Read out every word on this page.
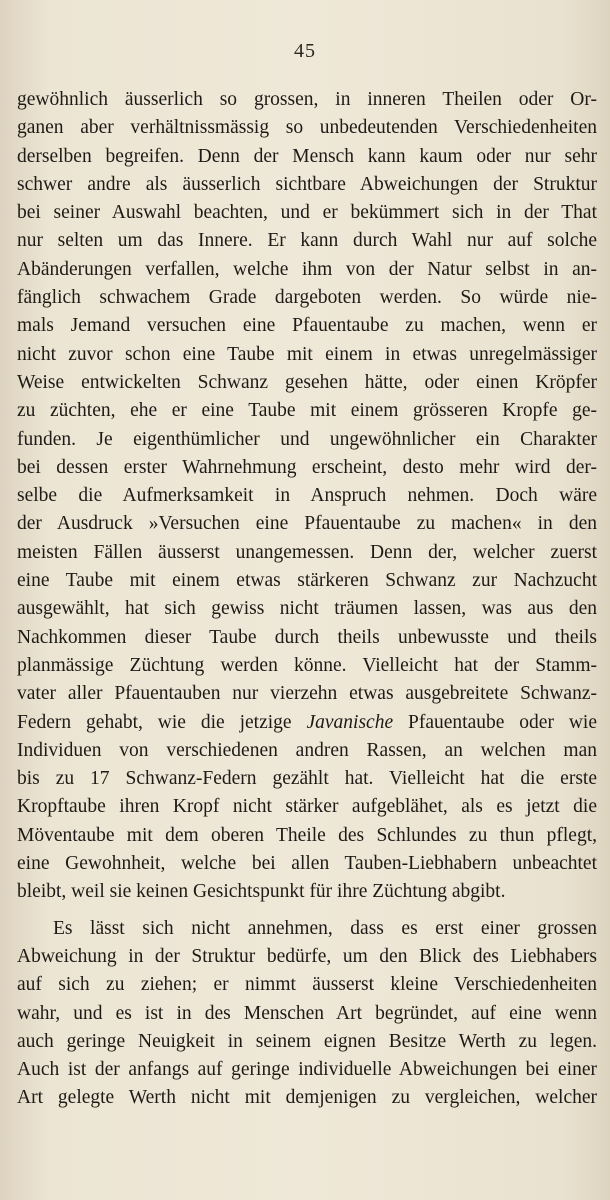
45
gewöhnlich äusserlich so grossen, in inneren Theilen oder Or-
ganen aber verhältnissmässig so unbedeutenden Verschiedenheiten
derselben begreifen. Denn der Mensch kann kaum oder nur sehr
schwer andre als äusserlich sichtbare Abweichungen der Struktur
bei seiner Auswahl beachten, und er bekümmert sich in der That
nur selten um das Innere. Er kann durch Wahl nur auf solche
Abänderungen verfallen, welche ihm von der Natur selbst in an-
fänglich schwachem Grade dargeboten werden. So würde nie-
mals Jemand versuchen eine Pfauentaube zu machen, wenn er
nicht zuvor schon eine Taube mit einem in etwas unregelmässiger
Weise entwickelten Schwanz gesehen hätte, oder einen Kröpfer
zu züchten, ehe er eine Taube mit einem grösseren Kropfe ge-
funden. Je eigenthümlicher und ungewöhnlicher ein Charakter
bei dessen erster Wahrnehmung erscheint, desto mehr wird der-
selbe die Aufmerksamkeit in Anspruch nehmen. Doch wäre
der Ausdruck »Versuchen eine Pfauentaube zu machen« in den
meisten Fällen äusserst unangemessen. Denn der, welcher zuerst
eine Taube mit einem etwas stärkeren Schwanz zur Nachzucht
ausgewählt, hat sich gewiss nicht träumen lassen, was aus den
Nachkommen dieser Taube durch theils unbewusste und theils
planmässige Züchtung werden könne. Vielleicht hat der Stamm-
vater aller Pfauentauben nur vierzehn etwas ausgebreitete Schwanz-
Federn gehabt, wie die jetzige Javanische Pfauentaube oder wie
Individuen von verschiedenen andren Rassen, an welchen man
bis zu 17 Schwanz-Federn gezählt hat. Vielleicht hat die erste
Kropftaube ihren Kropf nicht stärker aufgeblähet, als es jetzt die
Möventaube mit dem oberen Theile des Schlundes zu thun pflegt,
eine Gewohnheit, welche bei allen Tauben-Liebhabern unbeachtet
bleibt, weil sie keinen Gesichtspunkt für ihre Züchtung abgibt.
Es lässt sich nicht annehmen, dass es erst einer grossen
Abweichung in der Struktur bedürfe, um den Blick des Liebhabers
auf sich zu ziehen; er nimmt äusserst kleine Verschiedenheiten
wahr, und es ist in des Menschen Art begründet, auf eine wenn
auch geringe Neuigkeit in seinem eignen Besitze Werth zu legen.
Auch ist der anfangs auf geringe individuelle Abweichungen bei einer
Art gelegte Werth nicht mit demjenigen zu vergleichen, welcher
